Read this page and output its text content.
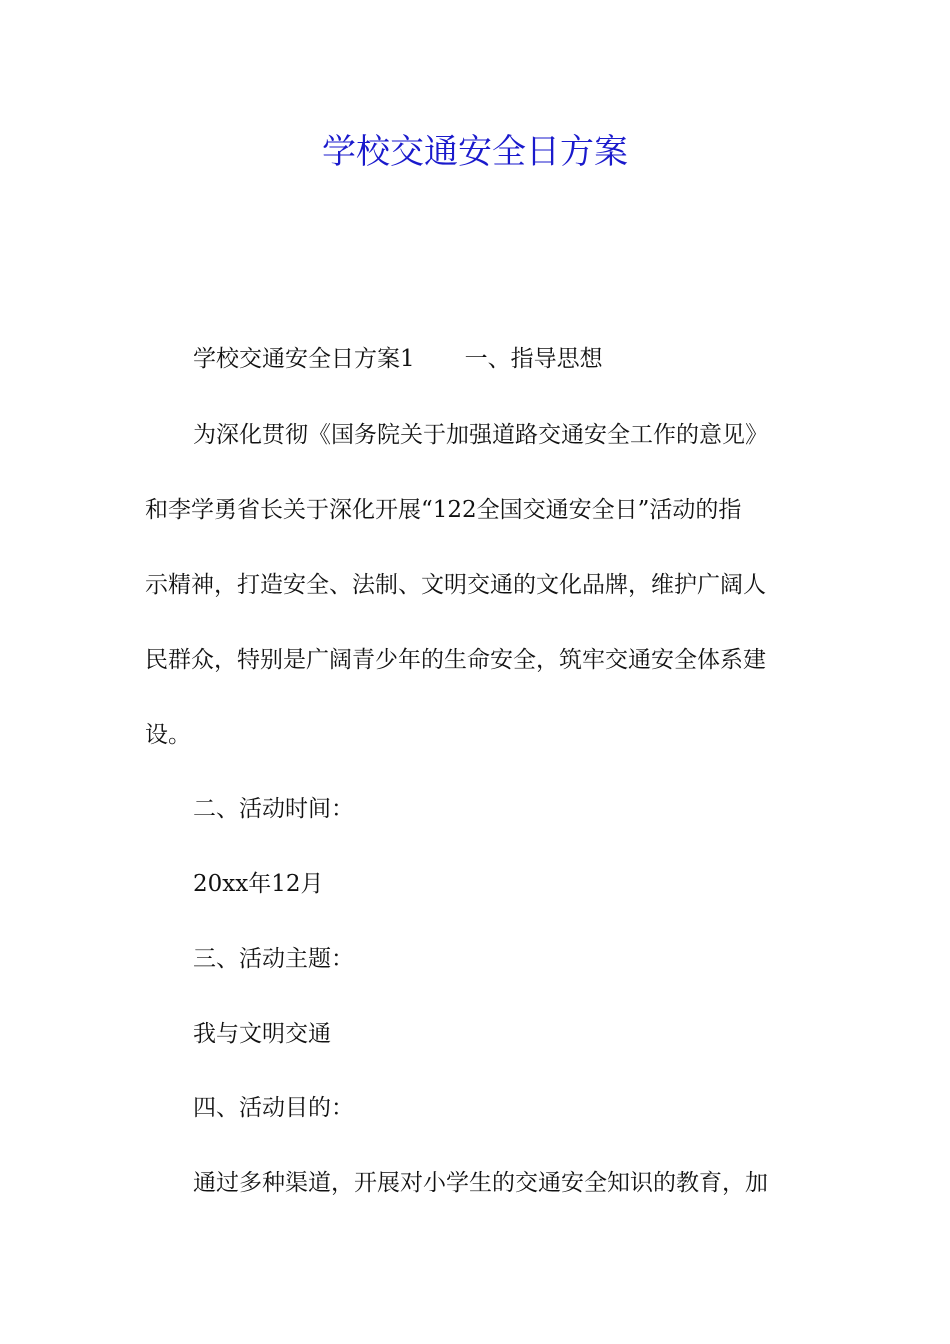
学校交通安全日方案

学校交通安全日方案1 一、指导思想

为深化贯彻《国务院关于加强道路交通安全工作的意见》

和李学勇省长关于深化开展“122全国交通安全日”活动的指

示精神，打造安全、法制、文明交通的文化品牌，维护广阔人

民群众，特别是广阔青少年的生命安全，筑牢交通安全体系建

设。

二、活动时间：

20xx年12月

三、活动主题：

我与文明交通

四、活动目的：

通过多种渠道，开展对小学生的交通安全知识的教育，加
